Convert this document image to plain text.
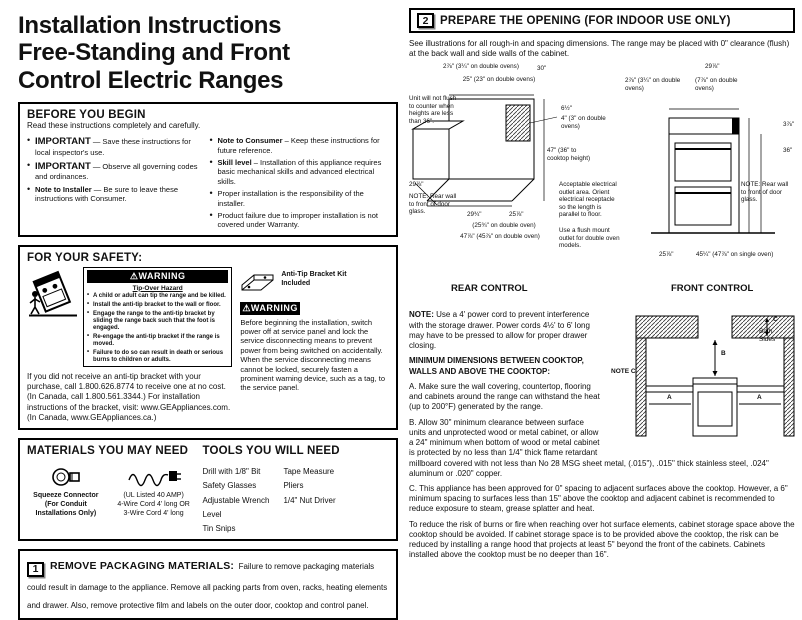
Installation Instructions
Free-Standing and Front
Control Electric Ranges
BEFORE YOU BEGIN
Read these instructions completely and carefully.
• IMPORTANT — Save these instructions for local inspector's use.
• IMPORTANT — Observe all governing codes and ordinances.
• Note to Installer — Be sure to leave these instructions with Consumer.
• Note to Consumer – Keep these instructions for future reference.
• Skill level – Installation of this appliance requires basic mechanical skills and advanced electrical skills.
• Proper installation is the responsibility of the installer.
• Product failure due to improper installation is not covered under Warranty.
FOR YOUR SAFETY:
⚠WARNING
Tip-Over Hazard
• A child or adult can tip the range and be killed.
• Install the anti-tip bracket to the wall or floor.
• Engage the range to the anti-tip bracket by sliding the range back such that the foot is engaged.
• Re-engage the anti-tip bracket if the range is moved.
• Failure to do so can result in death or serious burns to children or adults.
If you did not receive an anti-tip bracket with your purchase, call 1.800.626.8774 to receive one at no cost. (In Canada, call 1.800.561.3344.) For installation instructions of the bracket, visit: www.GEAppliances.com. (In Canada, www.GEAppliances.ca.)
Anti-Tip Bracket Kit Included
⚠WARNING
Before beginning the installation, switch power off at service panel and lock the service disconnecting means to prevent power from being switched on accidentally. When the service disconnecting means cannot be locked, securely fasten a prominent warning device, such as a tag, to the service panel.
MATERIALS YOU MAY NEED
Squeeze Connector
(For Conduit Installations Only)
(UL Listed 40 AMP)
4-Wire Cord 4' long OR
3-Wire Cord 4' long
TOOLS YOU WILL NEED
Drill with 1/8" Bit
Safety Glasses
Adjustable Wrench
Level
Tin Snips
Tape Measure
Pliers
1/4" Nut Driver
1 REMOVE PACKAGING MATERIALS: Failure to remove packaging materials could result in damage to the appliance. Remove all packing parts from oven, racks, heating elements and drawer. Also, remove protective film and labels on the outer door, cooktop and control panel.
2	PREPARE THE OPENING (FOR INDOOR USE ONLY)
See illustrations for all rough-in and spacing dimensions. The range may be placed with 0" clearance (flush) at the back wall and side walls of the cabinet.
2⅞" (3¼" on double ovens)	30"
25" (23" on double ovens)
Unit will not flush to counter when heights are less than 36".
6½"
4" (3" on double ovens)
47" (36" to cooktop height)
29⅞"
NOTE: Rear wall to front of door glass.	29¾"	25⅞"
(25¾" on double oven)
47⅞" (45⅞" on double oven)
Acceptable electrical outlet area. Orient electrical receptacle so the length is parallel to floor.
Use a flush mount outlet for double oven models.
REAR CONTROL
29⅞"
2⅞" (3¼" on double ovens)
(7⅞" on double ovens)
3⅞"
36"
NOTE: Rear wall to front of door glass.
25⅞"	45¼" (47⅞" on single oven)
FRONT CONTROL
NOTE C
B
C
Both Sides
A	A

NOTE: Use a 4' power cord to prevent interference with the storage drawer. Power cords 4½' to 6' long may have to be pressed to allow for proper drawer closing.

MINIMUM DIMENSIONS BETWEEN COOKTOP, WALLS AND ABOVE THE COOKTOP:

A. Make sure the wall covering, countertop, flooring and cabinets around the range can withstand the heat (up to 200°F) generated by the range.

B. Allow 30" minimum clearance between surface units and unprotected wood or metal cabinet, or allow a 24" minimum when bottom of wood or metal cabinet is protected by no less than 1/4" thick flame retardant millboard covered with not less than No 28 MSG sheet metal, (.015"), .015" thick stainless steel, .024" aluminum or .020" copper.

C. This appliance has been approved for 0" spacing to adjacent surfaces above the cooktop. However, a 6" minimum spacing to surfaces less than 15" above the cooktop and adjacent cabinet is recommended to reduce exposure to steam, grease splatter and heat.

To reduce the risk of burns or fire when reaching over hot surface elements, cabinet storage space above the cooktop should be avoided. If cabinet storage space is to be provided above the cooktop, the risk can be reduced by installing a range hood that projects at least 5" beyond the front of the cabinets. Cabinets installed above the cooktop must be no deeper than 16".
